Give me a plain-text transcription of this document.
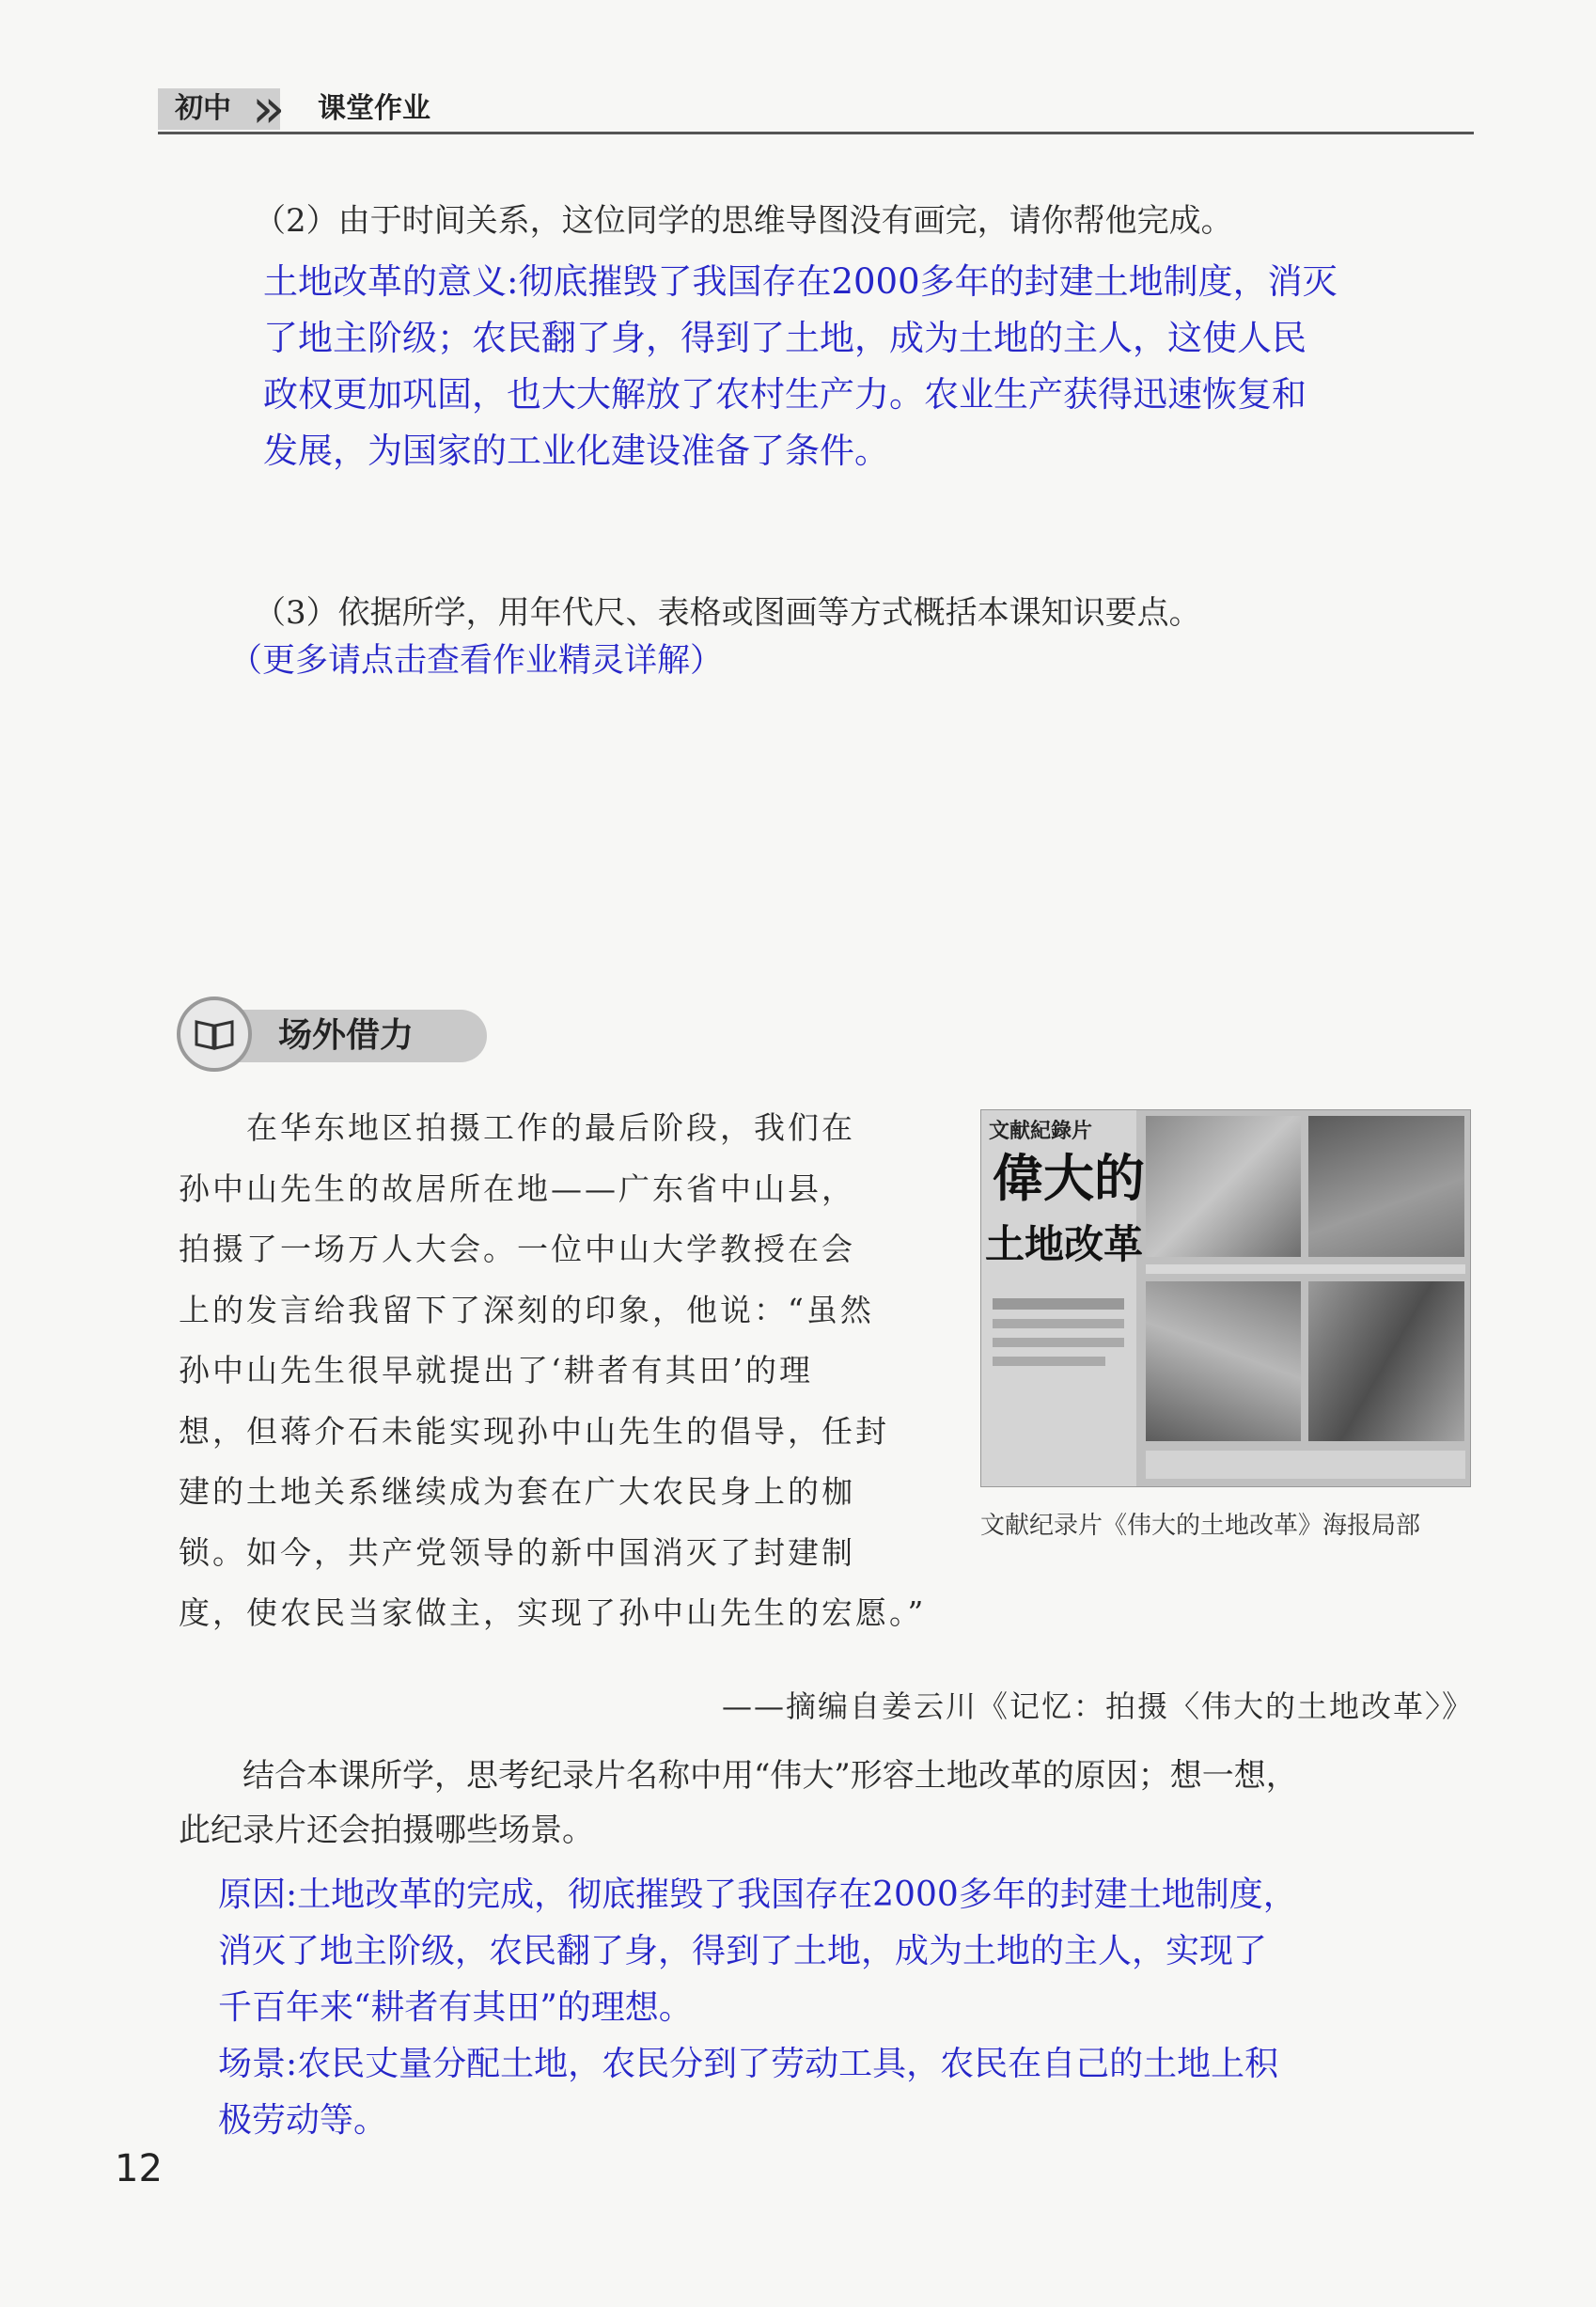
初中 » 课堂作业

（2）由于时间关系，这位同学的思维导图没有画完，请你帮他完成。

土地改革的意义:彻底摧毁了我国存在2000多年的封建土地制度，消灭
了地主阶级；农民翻了身，得到了土地，成为土地的主人，这使人民
政权更加巩固，也大大解放了农村生产力。农业生产获得迅速恢复和
发展，为国家的工业化建设准备了条件。

（3）依据所学，用年代尺、表格或图画等方式概括本课知识要点。

（更多请点击查看作业精灵详解）
场外借力
　　在华东地区拍摄工作的最后阶段，我们在
孙中山先生的故居所在地——广东省中山县，
拍摄了一场万人大会。一位中山大学教授在会
上的发言给我留下了深刻的印象，他说：“虽然
孙中山先生很早就提出了‘耕者有其田’的理
想，但蒋介石未能实现孙中山先生的倡导，任封
建的土地关系继续成为套在广大农民身上的枷
锁。如今，共产党领导的新中国消灭了封建制
度，使农民当家做主，实现了孙中山先生的宏愿。”
文献紀錄片
偉大的
土地改革
文献纪录片《伟大的土地改革》海报局部
——摘编自姜云川《记忆：拍摄〈伟大的土地改革〉》
　　结合本课所学，思考纪录片名称中用“伟大”形容土地改革的原因；想一想，
此纪录片还会拍摄哪些场景。
原因:土地改革的完成，彻底摧毁了我国存在2000多年的封建土地制度，
消灭了地主阶级，农民翻了身，得到了土地，成为土地的主人，实现了
千百年来“耕者有其田”的理想。
场景:农民丈量分配土地，农民分到了劳动工具，农民在自己的土地上积
极劳动等。
12
